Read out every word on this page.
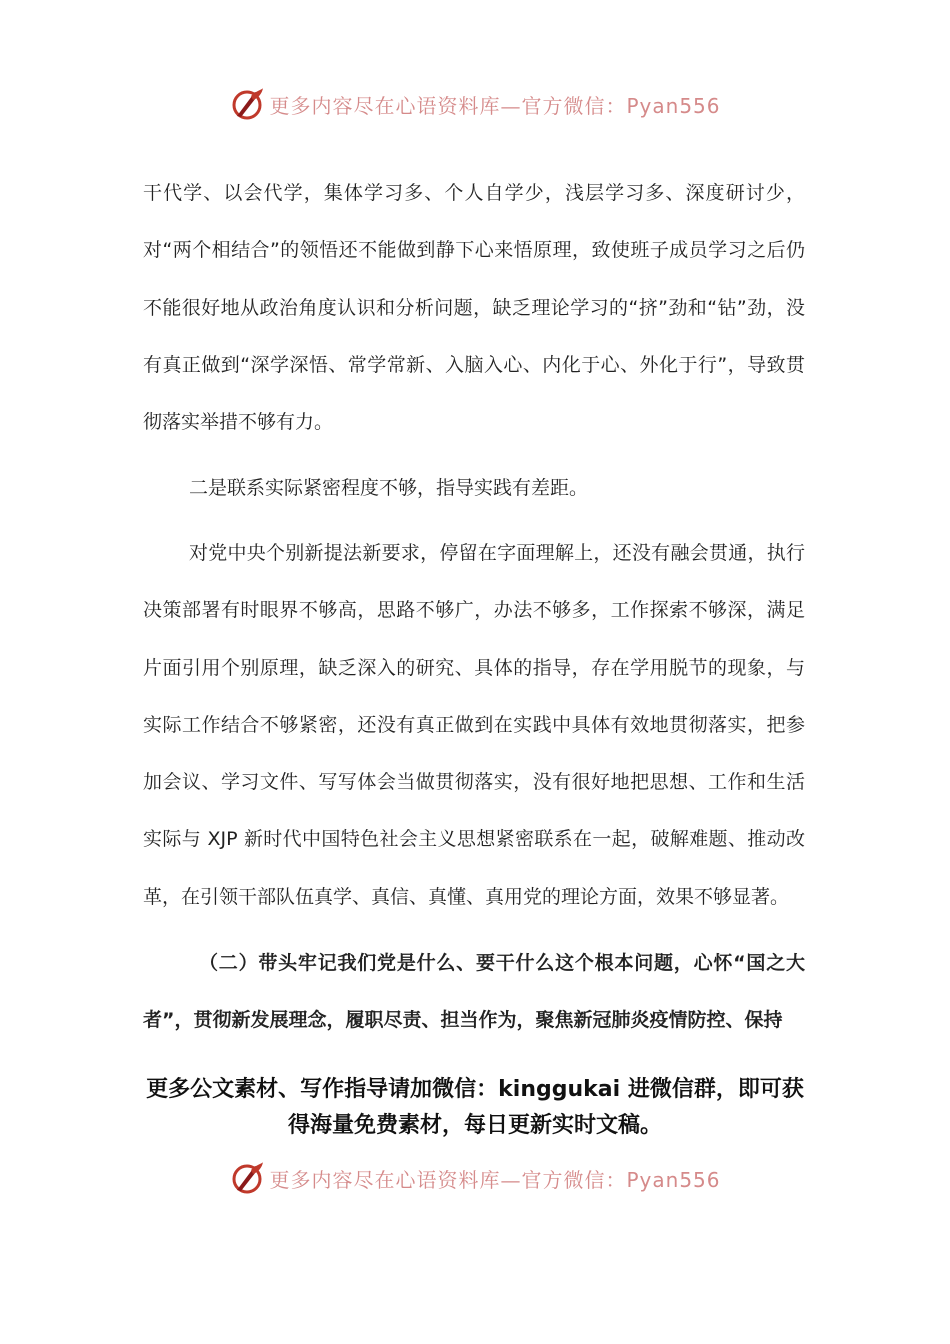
更多内容尽在心语资料库—官方微信：Pyan556

干代学、以会代学，集体学习多、个人自学少，浅层学习多、深度研讨少，对“两个相结合”的领悟还不能做到静下心来悟原理，致使班子成员学习之后仍不能很好地从政治角度认识和分析问题，缺乏理论学习的“挤”劲和“钻”劲，没有真正做到“深学深悟、常学常新、入脑入心、内化于心、外化于行”，导致贯彻落实举措不够有力。

二是联系实际紧密程度不够，指导实践有差距。

对党中央个别新提法新要求，停留在字面理解上，还没有融会贯通，执行决策部署有时眼界不够高，思路不够广，办法不够多，工作探索不够深，满足片面引用个别原理，缺乏深入的研究、具体的指导，存在学用脱节的现象，与实际工作结合不够紧密，还没有真正做到在实践中具体有效地贯彻落实，把参加会议、学习文件、写写体会当做贯彻落实，没有很好地把思想、工作和生活实际与 XJP 新时代中国特色社会主义思想紧密联系在一起，破解难题、推动改革，在引领干部队伍真学、真信、真懂、真用党的理论方面，效果不够显著。

（二）带头牢记我们党是什么、要干什么这个根本问题，心怀“国之大者”，贯彻新发展理念，履职尽责、担当作为，聚焦新冠肺炎疫情防控、保持

更多公文素材、写作指导请加微信：kinggukai 进微信群，即可获得海量免费素材，每日更新实时文稿。

更多内容尽在心语资料库—官方微信：Pyan556
